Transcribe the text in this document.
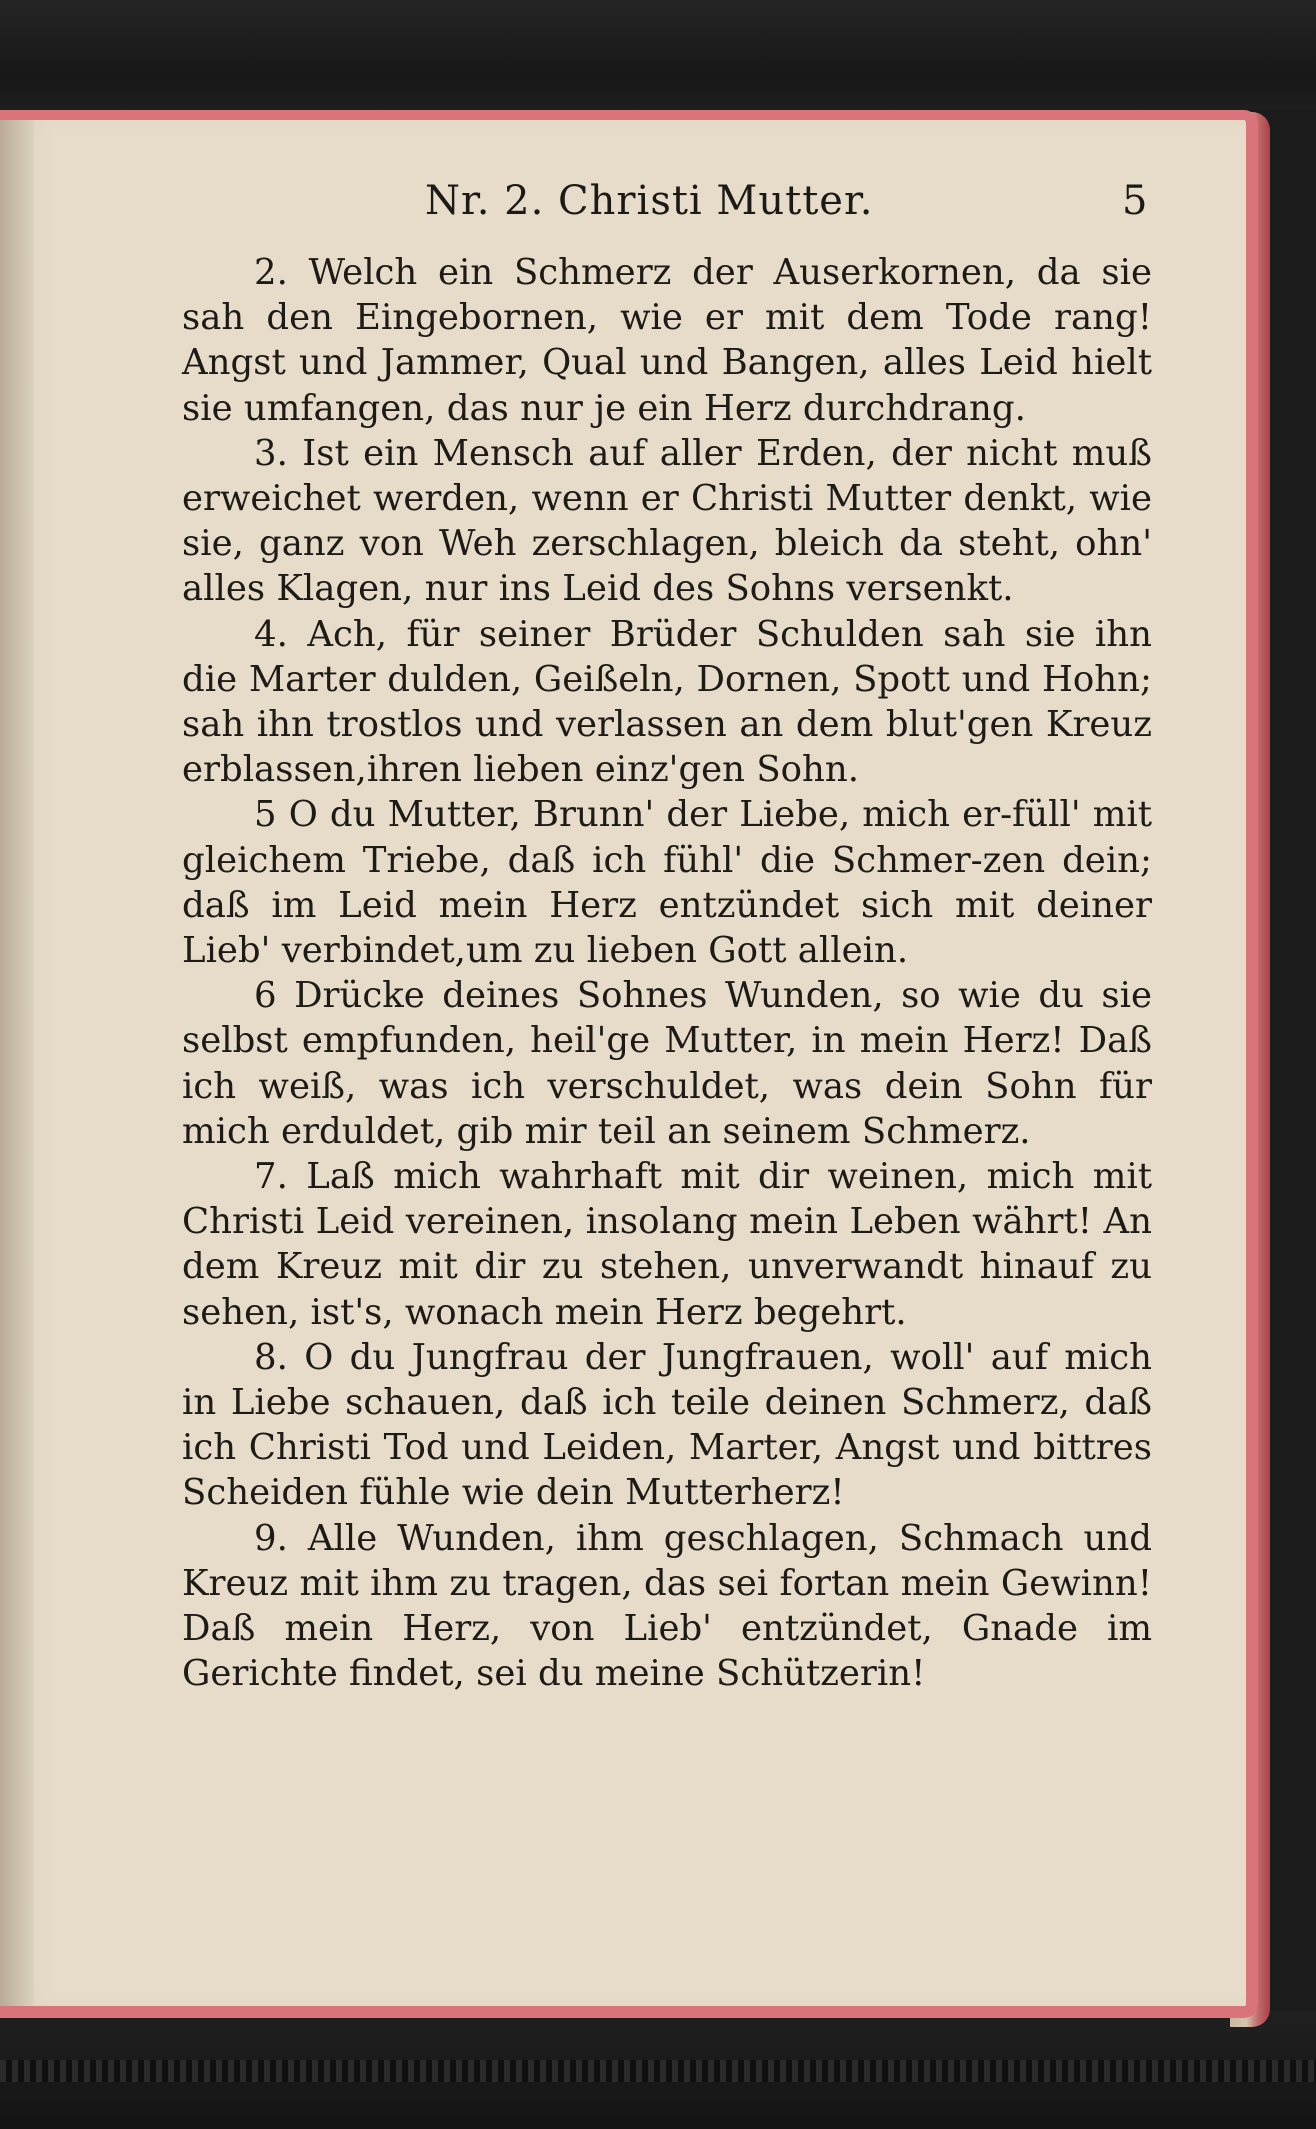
Nr. 2. Christi Mutter.	5

2. Welch ein Schmerz der Auserkornen, da sie sah den Eingebornen, wie er mit dem Tode rang! Angst und Jammer, Qual und Bangen, alles Leid hielt sie umfangen, das nur je ein Herz durchdrang.

3. Ist ein Mensch auf aller Erden, der nicht muß erweichet werden, wenn er Christi Mutter denkt, wie sie, ganz von Weh zerschlagen, bleich da steht, ohn' alles Klagen, nur ins Leid des Sohns versenkt.

4. Ach, für seiner Brüder Schulden sah sie ihn die Marter dulden, Geißeln, Dornen, Spott und Hohn; sah ihn trostlos und verlassen an dem blut'gen Kreuz erblassen,ihren lieben einz'gen Sohn.

5 O du Mutter, Brunn' der Liebe, mich er-füll' mit gleichem Triebe, daß ich fühl' die Schmer-zen dein; daß im Leid mein Herz entzündet sich mit deiner Lieb' verbindet,um zu lieben Gott allein.

6 Drücke deines Sohnes Wunden, so wie du sie selbst empfunden, heil'ge Mutter, in mein Herz! Daß ich weiß, was ich verschuldet, was dein Sohn für mich erduldet, gib mir teil an seinem Schmerz.

7. Laß mich wahrhaft mit dir weinen, mich mit Christi Leid vereinen, insolang mein Leben währt! An dem Kreuz mit dir zu stehen, unverwandt hinauf zu sehen, ist's, wonach mein Herz begehrt.

8. O du Jungfrau der Jungfrauen, woll' auf mich in Liebe schauen, daß ich teile deinen Schmerz, daß ich Christi Tod und Leiden, Marter, Angst und bittres Scheiden fühle wie dein Mutterherz!

9. Alle Wunden, ihm geschlagen, Schmach und Kreuz mit ihm zu tragen, das sei fortan mein Gewinn! Daß mein Herz, von Lieb' entzündet, Gnade im Gerichte findet, sei du meine Schützerin!
